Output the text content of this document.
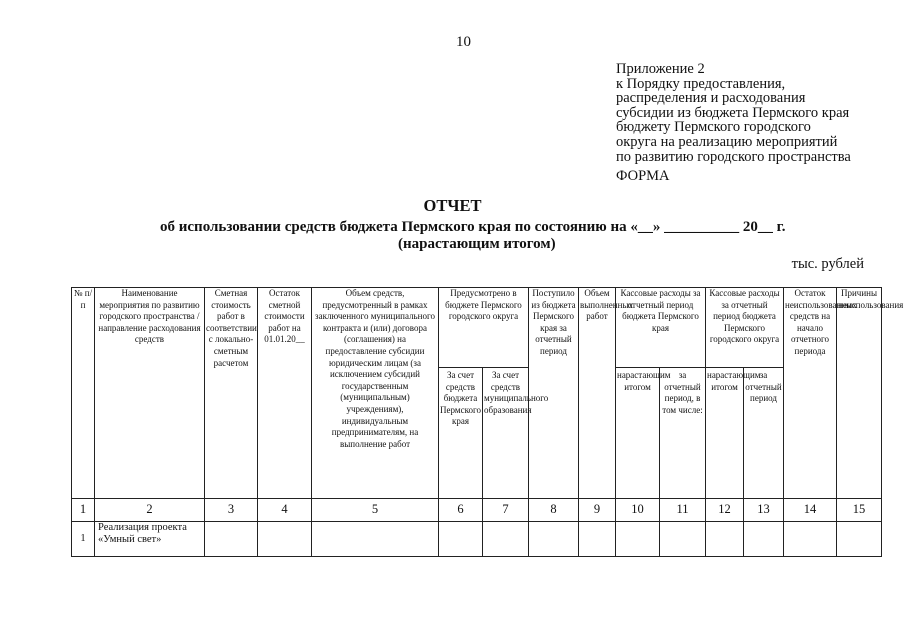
10
Приложение 2
к Порядку предоставления,
распределения и расходования
субсидии из бюджета Пермского края
бюджету Пермского городского
округа на реализацию мероприятий
по развитию городского пространства
ФОРМА
ОТЧЕТ
об использовании средств бюджета Пермского края по состоянию на «__» __________ 20__ г.
(нарастающим итогом)
тыс. рублей
№ п/п	Наименование мероприятия по развитию городского пространства / направление расходования средств	Сметная стоимость работ в соответствии с локально-сметным расчетом	Остаток сметной стоимости работ на 01.01.20__	Объем средств, предусмотренный в рамках заключенного муниципального контракта и (или) договора (соглашения) на предоставление субсидии юридическим лицам (за исключением субсидий государственным (муниципальным) учреждениям), индивидуальным предпринимателям, на выполнение работ	Предусмотрено в бюджете Пермского городского округа		Поступило из бюджета Пермского края за отчетный период	Объем выполненных работ	Кассовые расходы за отчетный период бюджета Пермского края		Кассовые расходы за отчетный период бюджета Пермского городского округа		Остаток неиспользованных средств на начало отчетного периода	Причины неиспользования
					За счет средств бюджета Пермского края	За счет средств муниципального образования			нарастающим итогом	за отчетный период, в том числе:	нарастающим итогом	за отчетный период		
1	2	3	4	5	6	7	8	9	10	11	12	13	14	15
1	Реализация проекта «Умный свет»													
